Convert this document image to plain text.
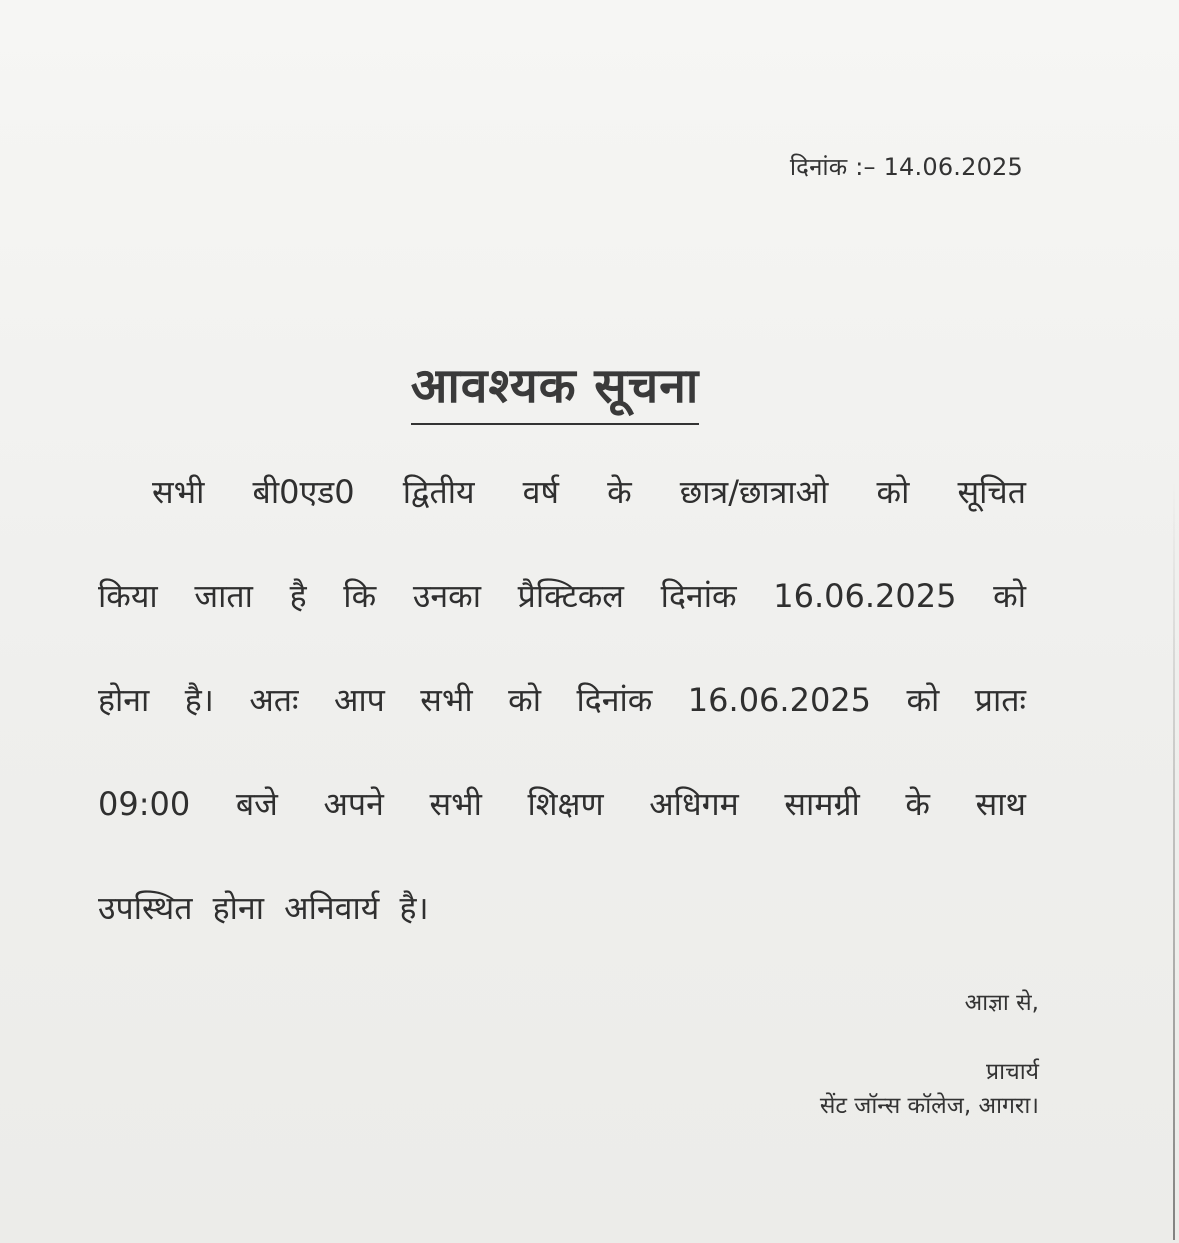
दिनांक :– 14.06.2025
आवश्यक सूचना
सभी बी0एड0 द्वितीय वर्ष के छात्र/छात्राओ को सूचित
किया जाता है कि उनका प्रैक्टिकल दिनांक 16.06.2025 को
होना है। अतः आप सभी को दिनांक 16.06.2025 को प्रातः
09:00 बजे अपने सभी शिक्षण अधिगम सामग्री के साथ
उपस्थित होना अनिवार्य है।
आज्ञा से,
प्राचार्य
सेंट जॉन्स कॉलेज, आगरा।
